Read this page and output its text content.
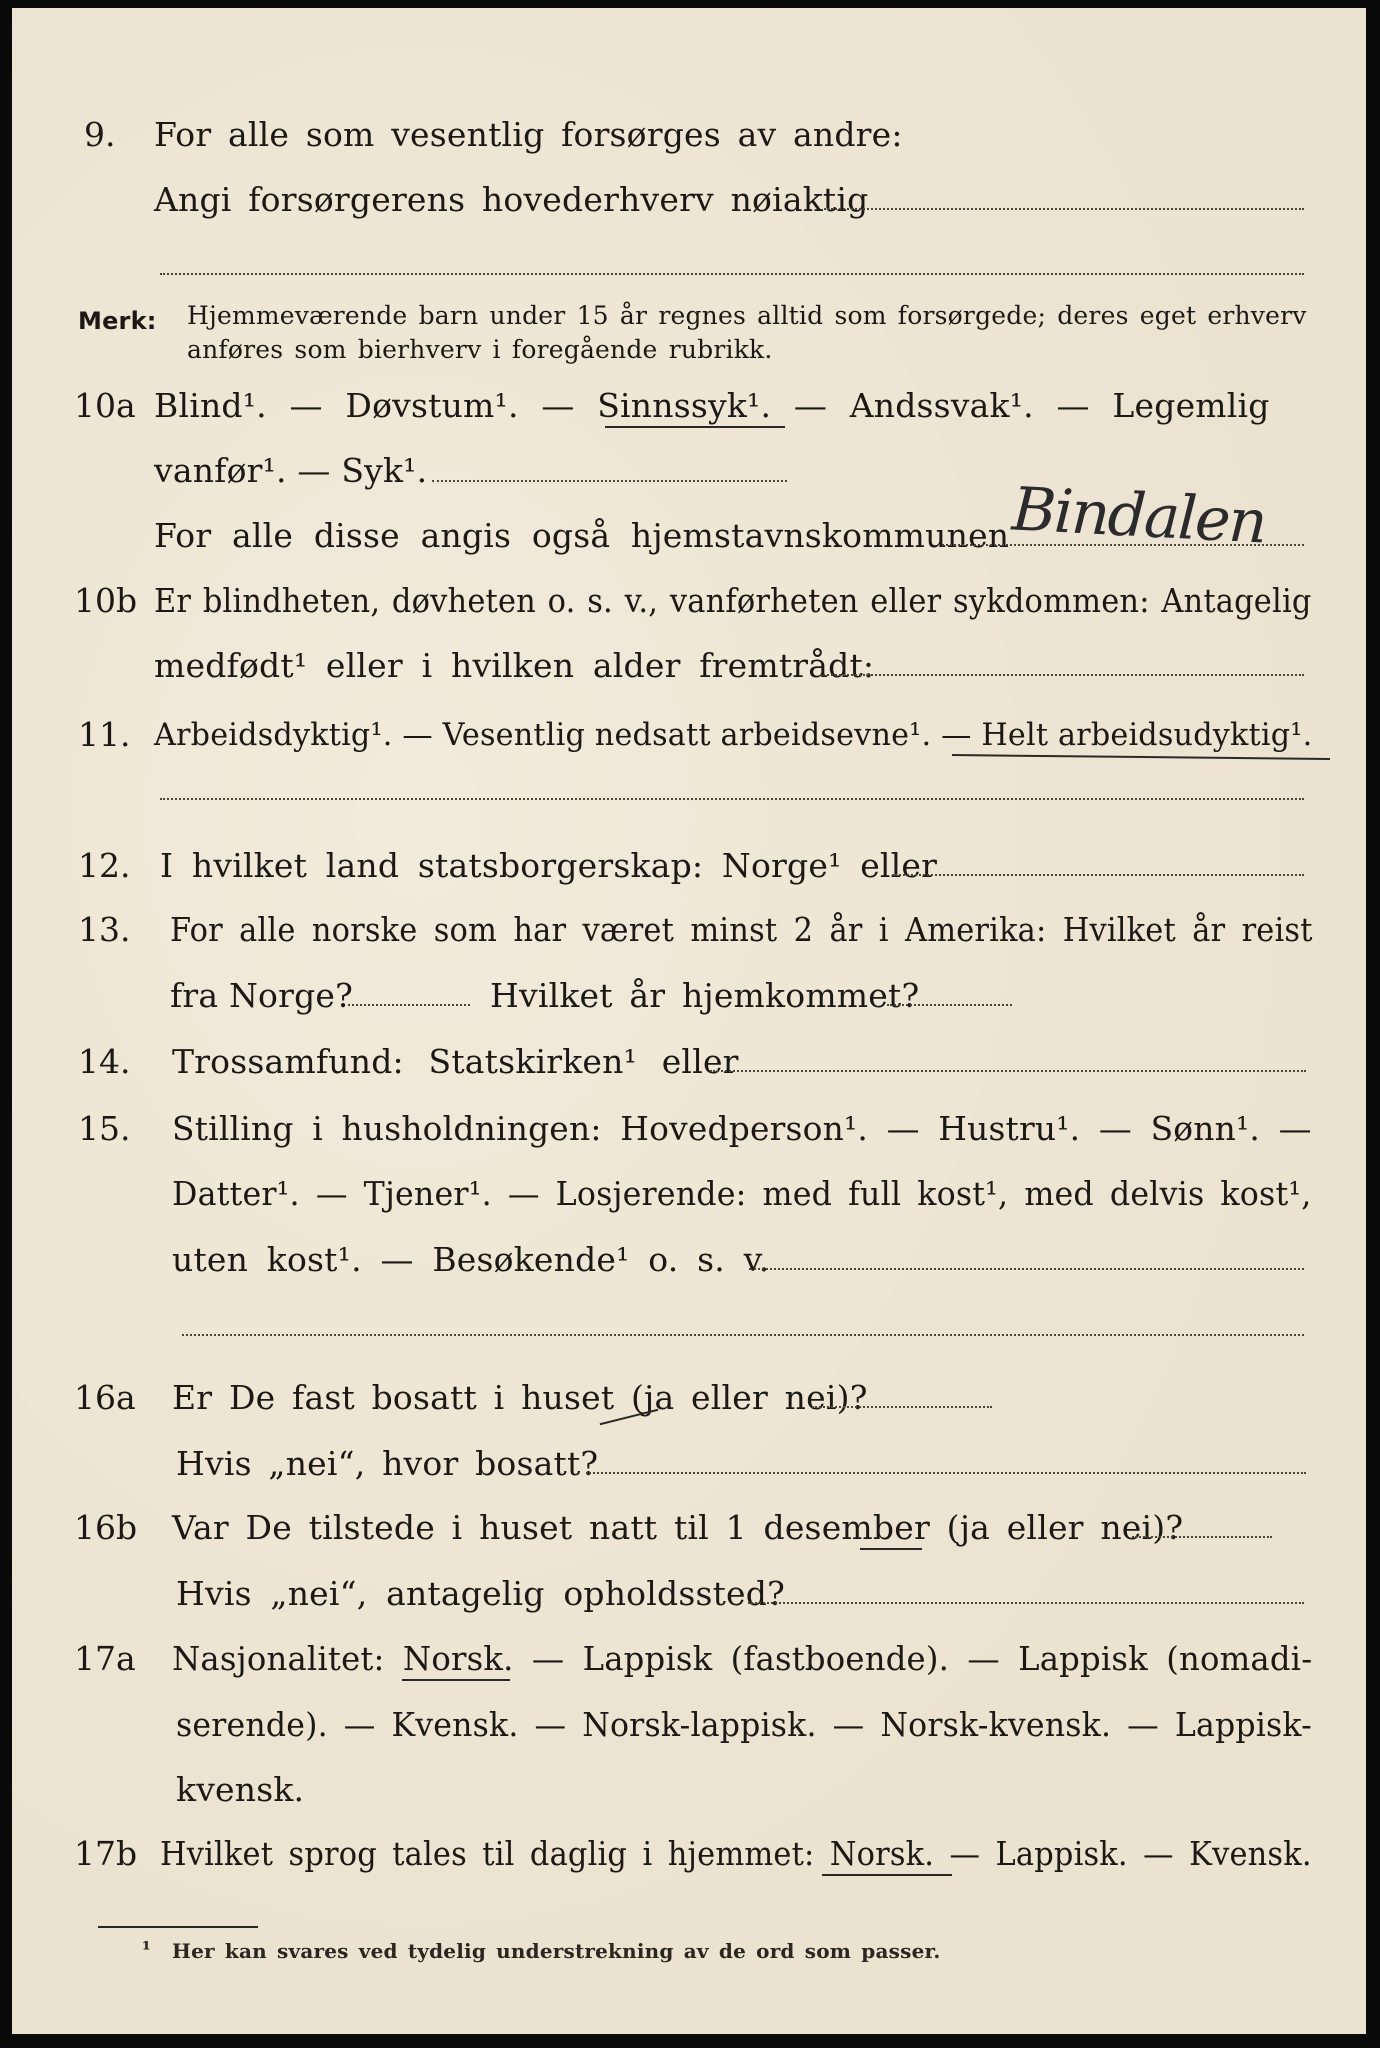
9. For alle som vesentlig forsørges av andre:
Angi forsørgerens hovederhverv nøiaktig
Merk: Hjemmeværende barn under 15 år regnes alltid som forsørgede; deres eget erhverv
anføres som bierhverv i foregående rubrikk.
10a Blind¹. — Døvstum¹. — Sinnssyk¹. — Andssvak¹. — Legemlig
vanfør¹. — Syk¹.
For alle disse angis også hjemstavnskommunen Bindalen
10b Er blindheten, døvheten o. s. v., vanførheten eller sykdommen: Antagelig
medfødt¹ eller i hvilken alder fremtrådt:
11. Arbeidsdyktig¹. — Vesentlig nedsatt arbeidsevne¹. — Helt arbeidsudyktig¹.
12. I hvilket land statsborgerskap: Norge¹ eller
13. For alle norske som har været minst 2 år i Amerika: Hvilket år reist
fra Norge?	Hvilket år hjemkommet?
14. Trossamfund: Statskirken¹ eller
15. Stilling i husholdningen: Hovedperson¹. — Hustru¹. — Sønn¹. —
Datter¹. — Tjener¹. — Losjerende: med full kost¹, med delvis kost¹,
uten kost¹. — Besøkende¹ o. s. v.
16a Er De fast bosatt i huset (ja eller nei)?
Hvis „nei“, hvor bosatt?
16b Var De tilstede i huset natt til 1 desember (ja eller nei)?
Hvis „nei“, antagelig opholdssted?
17a Nasjonalitet: Norsk. — Lappisk (fastboende). — Lappisk (nomadi-
serende). — Kvensk. — Norsk-lappisk. — Norsk-kvensk. — Lappisk-
kvensk.
17b Hvilket sprog tales til daglig i hjemmet: Norsk. — Lappisk. — Kvensk.
¹ Her kan svares ved tydelig understrekning av de ord som passer.
